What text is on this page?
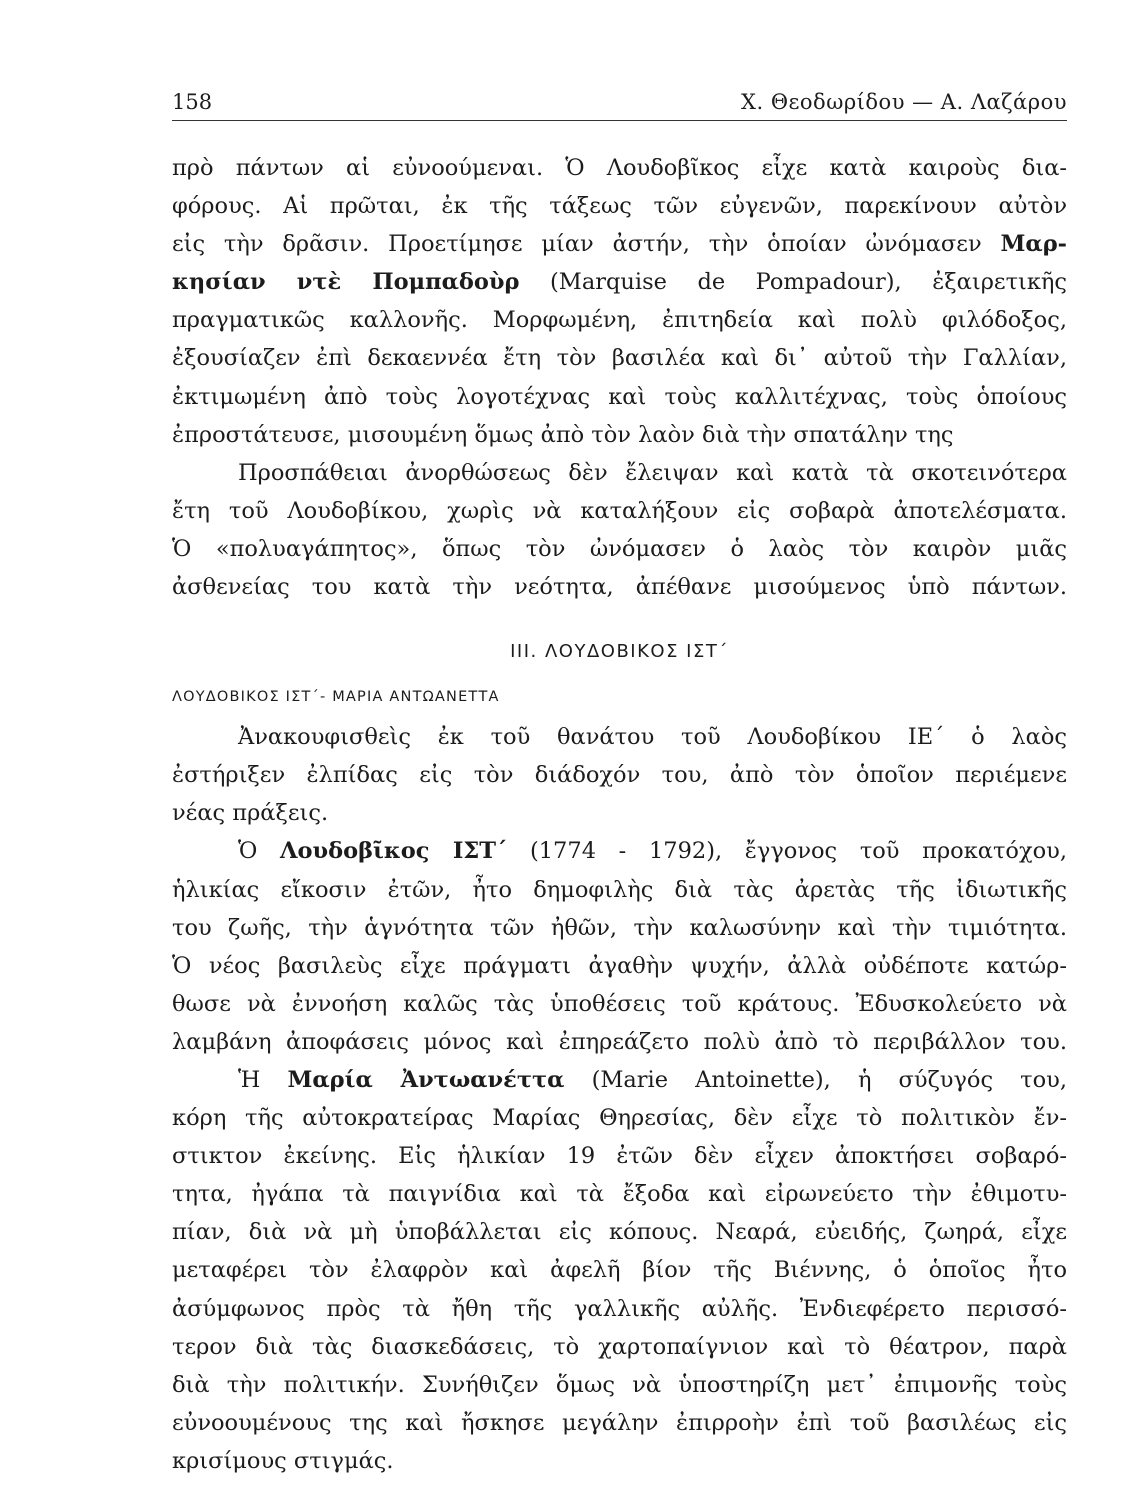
158	Χ. Θεοδωρίδου — Α. Λαζάρου
πρὸ πάντων αἱ εὐνοούμεναι. Ὁ Λουδοβῖκος εἶχε κατὰ καιροὺς δια-
φόρους. Αἱ πρῶται, ἐκ τῆς τάξεως τῶν εὐγενῶν, παρεκίνουν αὐτὸν
εἰς τὴν δρᾶσιν. Προετίμησε μίαν ἀστήν, τὴν ὁποίαν ὠνόμασεν Μαρ-
κησίαν ντὲ Πομπαδοὺρ (Marquise de Pompadour), ἐξαιρετικῆς
πραγματικῶς καλλονῆς. Μορφωμένη, ἐπιτηδεία καὶ πολὺ φιλόδοξος,
ἐξουσίαζεν ἐπὶ δεκαεννέα ἔτη τὸν βασιλέα καὶ δι᾿ αὐτοῦ τὴν Γαλλίαν,
ἐκτιμωμένη ἀπὸ τοὺς λογοτέχνας καὶ τοὺς καλλιτέχνας, τοὺς ὁποίους
ἐπροστάτευσε, μισουμένη ὅμως ἀπὸ τὸν λαὸν διὰ τὴν σπατάλην της
Προσπάθειαι ἀνορθώσεως δὲν ἔλειψαν καὶ κατὰ τὰ σκοτεινότερα
ἔτη τοῦ Λουδοβίκου, χωρὶς νὰ καταλήξουν εἰς σοβαρὰ ἀποτελέσματα.
Ὁ «πολυαγάπητος», ὅπως τὸν ὠνόμασεν ὁ λαὸς τὸν καιρὸν μιᾶς
ἀσθενείας του κατὰ τὴν νεότητα, ἀπέθανε μισούμενος ὑπὸ πάντων.
III. ΛΟΥΔΟΒΙΚΟΣ ΙΣΤ΄
ΛΟΥΔΟΒΙΚΟΣ ΙΣΤ΄- ΜΑΡΙΑ ΑΝΤΩΑΝΕΤΤΑ
Ἀνακουφισθεὶς ἐκ τοῦ θανάτου τοῦ Λουδοβίκου ΙΕ΄ ὁ λαὸς
ἐστήριξεν ἐλπίδας εἰς τὸν διάδοχόν του, ἀπὸ τὸν ὁποῖον περιέμενε
νέας πράξεις.
Ὁ Λουδοβῖκος ΙΣΤ΄ (1774 - 1792), ἔγγονος τοῦ προκατόχου,
ἡλικίας εἴκοσιν ἐτῶν, ἦτο δημοφιλὴς διὰ τὰς ἀρετὰς τῆς ἰδιωτικῆς
του ζωῆς, τὴν ἁγνότητα τῶν ἠθῶν, τὴν καλωσύνην καὶ τὴν τιμιότητα.
Ὁ νέος βασιλεὺς εἶχε πράγματι ἀγαθὴν ψυχήν, ἀλλὰ οὐδέποτε κατώρ-
θωσε νὰ ἐννοήση καλῶς τὰς ὑποθέσεις τοῦ κράτους. Ἐδυσκολεύετο νὰ
λαμβάνη ἀποφάσεις μόνος καὶ ἐπηρεάζετο πολὺ ἀπὸ τὸ περιβάλλον του.
Ἡ Μαρία Ἀντωανέττα (Marie Antoinette), ἡ σύζυγός του,
κόρη τῆς αὐτοκρατείρας Μαρίας Θηρεσίας, δὲν εἶχε τὸ πολιτικὸν ἔν-
στικτον ἐκείνης. Εἰς ἡλικίαν 19 ἐτῶν δὲν εἶχεν ἀποκτήσει σοβαρό-
τητα, ἠγάπα τὰ παιγνίδια καὶ τὰ ἔξοδα καὶ εἰρωνεύετο τὴν ἐθιμοτυ-
πίαν, διὰ νὰ μὴ ὑποβάλλεται εἰς κόπους. Νεαρά, εὐειδής, ζωηρά, εἶχε
μεταφέρει τὸν ἐλαφρὸν καὶ ἀφελῆ βίον τῆς Βιέννης, ὁ ὁποῖος ἦτο
ἀσύμφωνος πρὸς τὰ ἤθη τῆς γαλλικῆς αὐλῆς. Ἐνδιεφέρετο περισσό-
τερον διὰ τὰς διασκεδάσεις, τὸ χαρτοπαίγνιον καὶ τὸ θέατρον, παρὰ
διὰ τὴν πολιτικήν. Συνήθιζεν ὅμως νὰ ὑποστηρίζη μετ᾿ ἐπιμονῆς τοὺς
εὐνοουμένους της καὶ ἤσκησε μεγάλην ἐπιρροὴν ἐπὶ τοῦ βασιλέως εἰς
κρισίμους στιγμάς.
